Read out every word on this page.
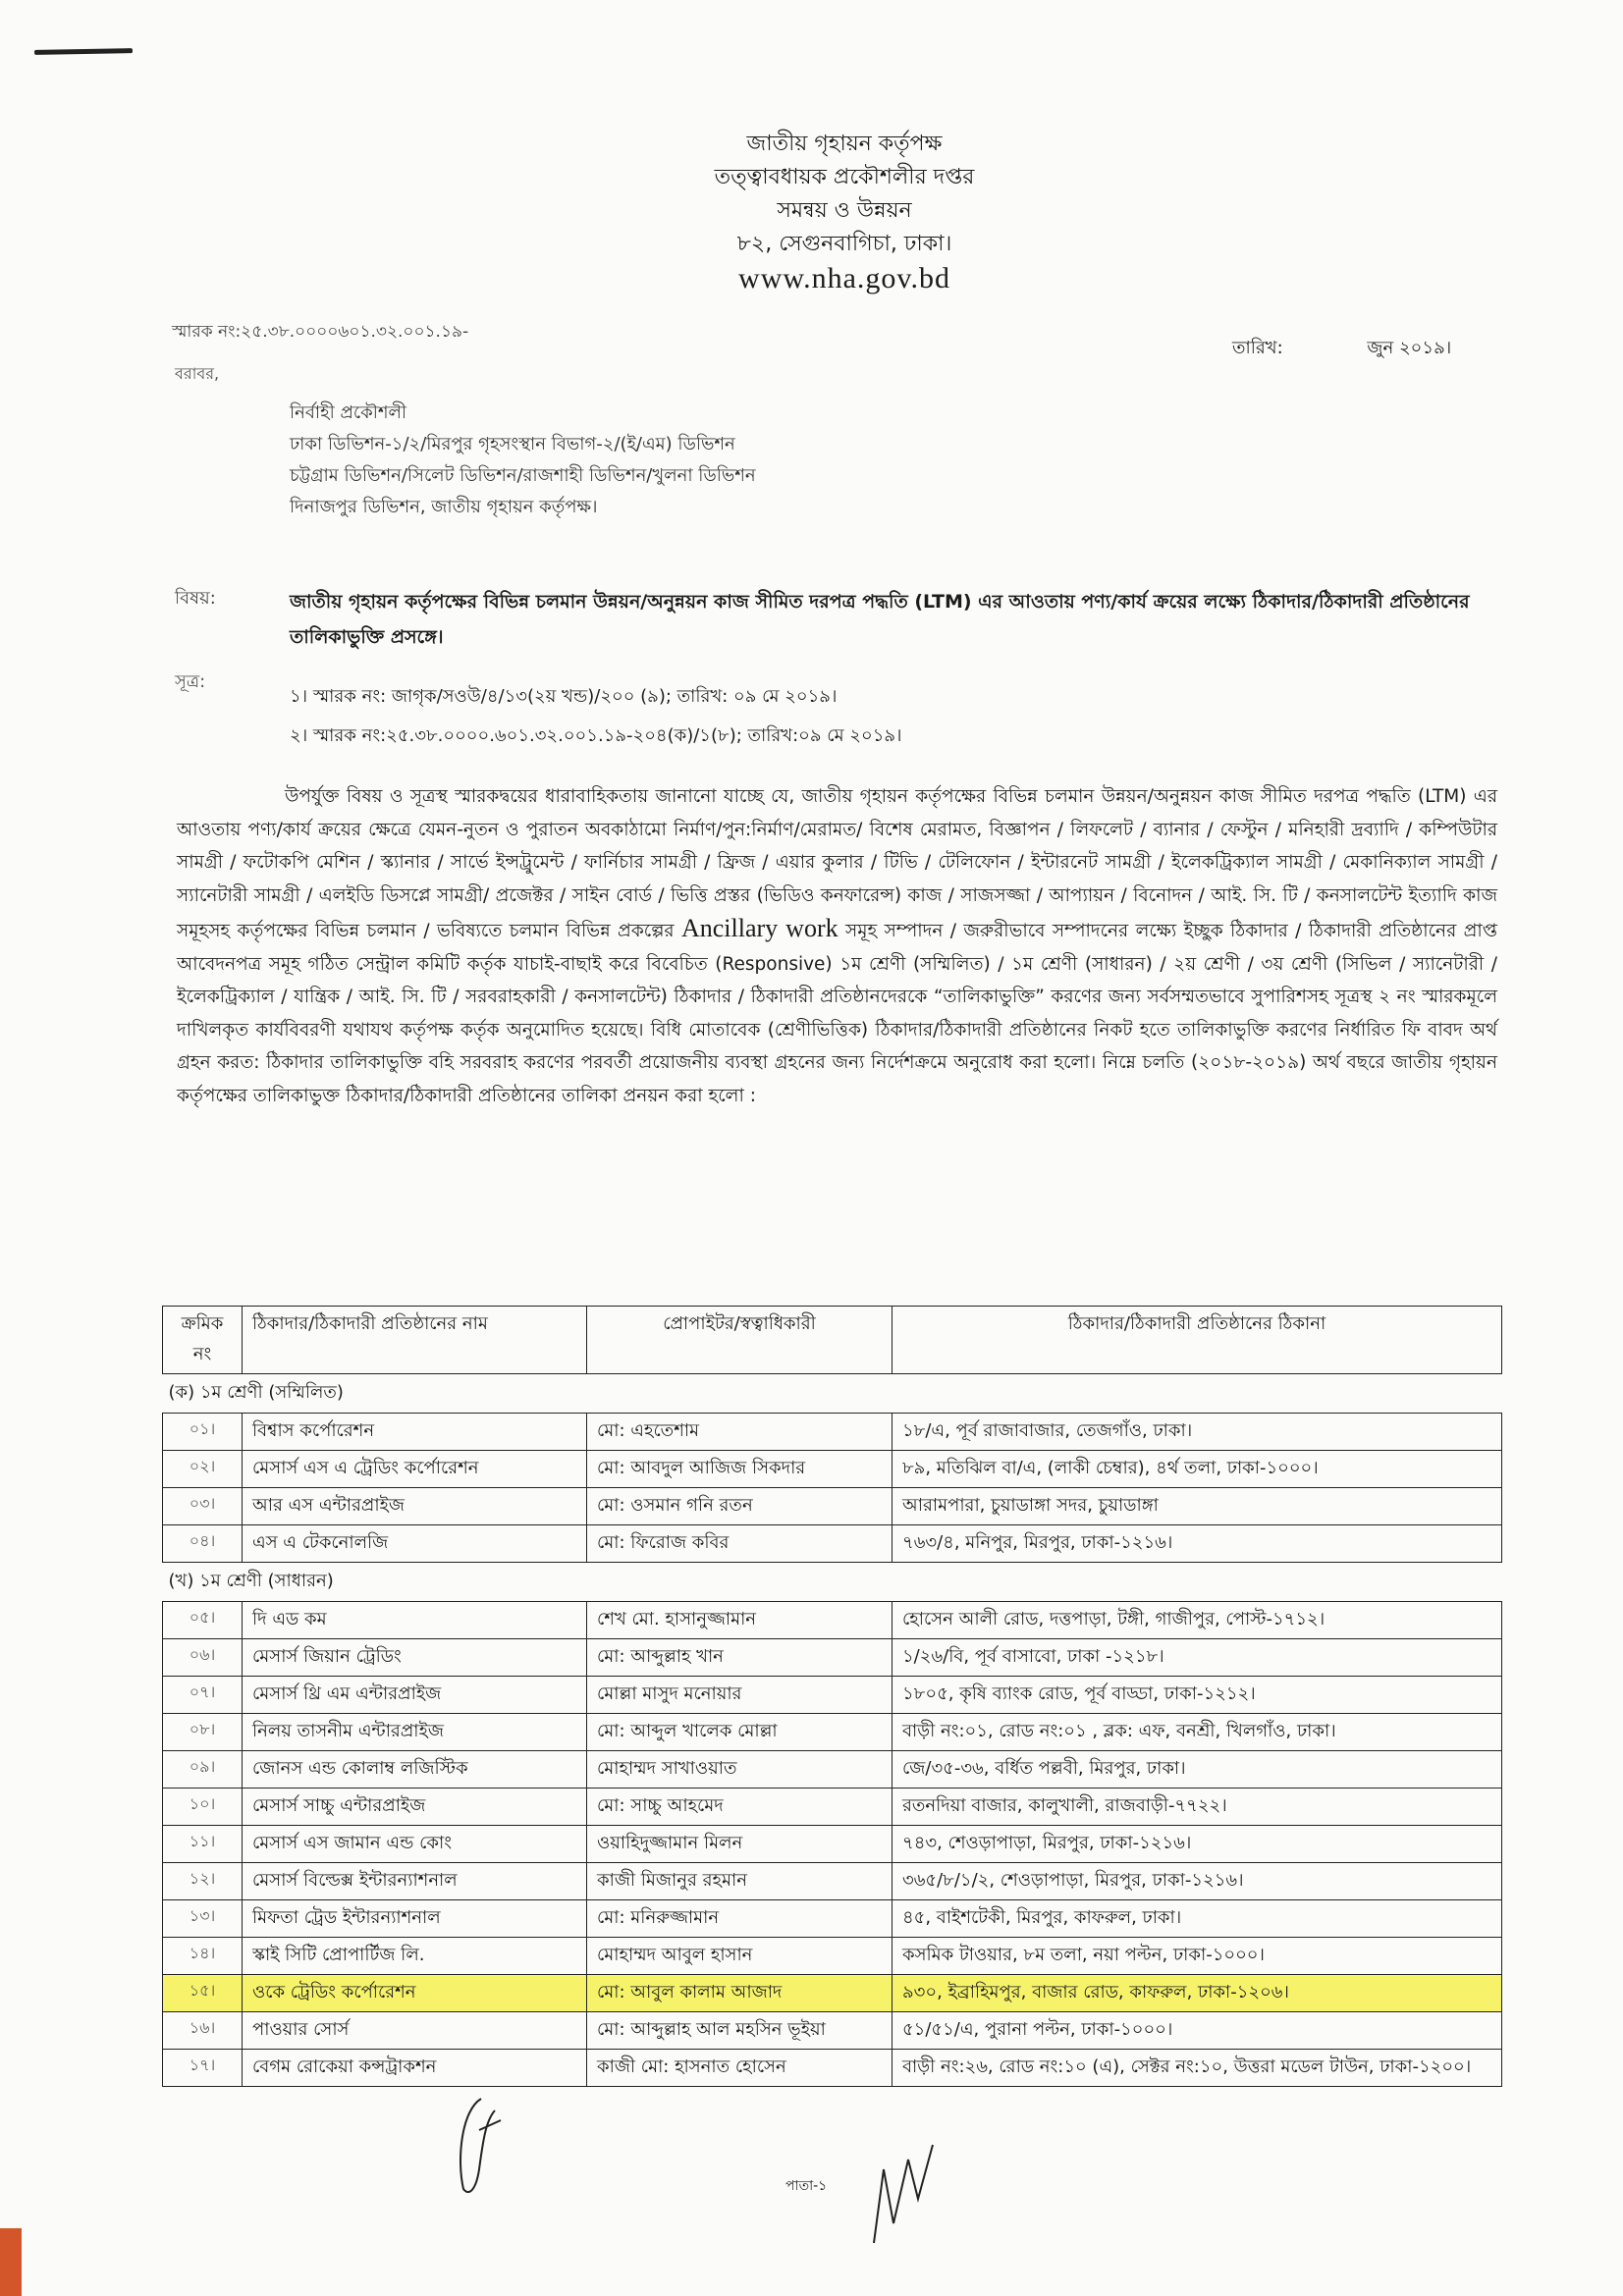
জাতীয় গৃহায়ন কর্তৃপক্ষ
তত্ত্বাবধায়ক প্রকৌশলীর দপ্তর
সমন্বয় ও উন্নয়ন
৮২, সেগুনবাগিচা, ঢাকা।
www.nha.gov.bd
স্মারক নং:২৫.৩৮.০০০০৬০১.৩২.০০১.১৯-
তারিখ:	জুন ২০১৯।
বরাবর,
নির্বাহী প্রকৌশলী
ঢাকা ডিভিশন-১/২/মিরপুর গৃহসংস্থান বিভাগ-২/(ই/এম) ডিভিশন
চট্টগ্রাম ডিভিশন/সিলেট ডিভিশন/রাজশাহী ডিভিশন/খুলনা ডিভিশন
দিনাজপুর ডিভিশন, জাতীয় গৃহায়ন কর্তৃপক্ষ।
বিষয়:	জাতীয় গৃহায়ন কর্তৃপক্ষের বিভিন্ন চলমান উন্নয়ন/অনুন্নয়ন কাজ সীমিত দরপত্র পদ্ধতি (LTM) এর আওতায় পণ্য/কার্য ক্রয়ের লক্ষ্যে ঠিকাদার/ঠিকাদারী প্রতিষ্ঠানের তালিকাভুক্তি প্রসঙ্গে।
সূত্র:
১। স্মারক নং: জাগৃক/সওউ/৪/১৩(২য় খন্ড)/২০০ (৯); তারিখ: ০৯ মে ২০১৯।
২। স্মারক নং:২৫.৩৮.০০০০.৬০১.৩২.০০১.১৯-২০৪(ক)/১(৮); তারিখ:০৯ মে ২০১৯।
উপর্যুক্ত বিষয় ও সূত্রস্থ স্মারকদ্বয়ের ধারাবাহিকতায় জানানো যাচ্ছে যে, জাতীয় গৃহায়ন কর্তৃপক্ষের বিভিন্ন চলমান উন্নয়ন/অনুন্নয়ন কাজ সীমিত দরপত্র পদ্ধতি (LTM) এর আওতায় পণ্য/কার্য ক্রয়ের ক্ষেত্রে যেমন-নুতন ও পুরাতন অবকাঠামো নির্মাণ/পুন:নির্মাণ/মেরামত/ বিশেষ মেরামত, বিজ্ঞাপন / লিফলেট / ব্যানার / ফেস্টুন / মনিহারী দ্রব্যাদি / কম্পিউটার সামগ্রী / ফটোকপি মেশিন / স্ক্যানার / সার্ভে ইন্সট্রুমেন্ট / ফার্নিচার সামগ্রী / ফ্রিজ / এয়ার কুলার / টিভি / টেলিফোন / ইন্টারনেট সামগ্রী / ইলেকট্রিক্যাল সামগ্রী / মেকানিক্যাল সামগ্রী / স্যানেটারী সামগ্রী / এলইডি ডিসপ্লে সামগ্রী/ প্রজেক্টর / সাইন বোর্ড / ভিত্তি প্রস্তর (ভিডিও কনফারেন্স) কাজ / সাজসজ্জা / আপ্যায়ন / বিনোদন / আই. সি. টি / কনসালটেন্ট ইত্যাদি কাজ সমূহসহ কর্তৃপক্ষের বিভিন্ন চলমান / ভবিষ্যতে চলমান বিভিন্ন প্রকল্পের Ancillary work সমূহ সম্পাদন / জরুরীভাবে সম্পাদনের লক্ষ্যে ইচ্ছুক ঠিকাদার / ঠিকাদারী প্রতিষ্ঠানের প্রাপ্ত আবেদনপত্র সমূহ গঠিত সেন্ট্রাল কমিটি কর্তৃক যাচাই-বাছাই করে বিবেচিত (Responsive) ১ম শ্রেণী (সম্মিলিত) / ১ম শ্রেণী (সাধারন) / ২য় শ্রেণী / ৩য় শ্রেণী (সিভিল / স্যানেটারী / ইলেকট্রিক্যাল / যান্ত্রিক / আই. সি. টি / সরবরাহকারী / কনসালটেন্ট) ঠিকাদার / ঠিকাদারী প্রতিষ্ঠানদেরকে “তালিকাভুক্তি” করণের জন্য সর্বসম্মতভাবে সুপারিশসহ সূত্রস্থ ২ নং স্মারকমূলে দাখিলকৃত কার্যবিবরণী যথাযথ কর্তৃপক্ষ কর্তৃক অনুমোদিত হয়েছে। বিধি মোতাবেক (শ্রেণীভিত্তিক) ঠিকাদার/ঠিকাদারী প্রতিষ্ঠানের নিকট হতে তালিকাভুক্তি করণের নির্ধারিত ফি বাবদ অর্থ গ্রহন করত: ঠিকাদার তালিকাভুক্তি বহি সরবরাহ করণের পরবর্তী প্রয়োজনীয় ব্যবস্থা গ্রহনের জন্য নির্দেশক্রমে অনুরোধ করা হলো। নিম্নে চলতি (২০১৮-২০১৯) অর্থ বছরে জাতীয় গৃহায়ন কর্তৃপক্ষের তালিকাভুক্ত ঠিকাদার/ঠিকাদারী প্রতিষ্ঠানের তালিকা প্রনয়ন করা হলো :
ক্রমিক নং	ঠিকাদার/ঠিকাদারী প্রতিষ্ঠানের নাম	প্রোপাইটর/স্বত্বাধিকারী	ঠিকাদার/ঠিকাদারী প্রতিষ্ঠানের ঠিকানা
(ক) ১ম শ্রেণী (সম্মিলিত)			
০১।	বিশ্বাস কর্পোরেশন	মো: এহতেশাম	১৮/এ, পূর্ব রাজাবাজার, তেজগাঁও, ঢাকা।
০২।	মেসার্স এস এ ট্রেডিং কর্পোরেশন	মো: আবদুল আজিজ সিকদার	৮৯, মতিঝিল বা/এ, (লাকী চেম্বার), ৪র্থ তলা, ঢাকা-১০০০।
০৩।	আর এস এন্টারপ্রাইজ	মো: ওসমান গনি রতন	আরামপারা, চুয়াডাঙ্গা সদর, চুয়াডাঙ্গা
০৪।	এস এ টেকনোলজি	মো: ফিরোজ কবির	৭৬৩/৪, মনিপুর, মিরপুর, ঢাকা-১২১৬।
(খ) ১ম শ্রেণী (সাধারন)			
০৫।	দি এড কম	শেখ মো. হাসানুজ্জামান	হোসেন আলী রোড, দত্তপাড়া, টঙ্গী, গাজীপুর, পোস্ট-১৭১২।
০৬।	মেসার্স জিয়ান ট্রেডিং	মো: আব্দুল্লাহ খান	১/২৬/বি, পূর্ব বাসাবো, ঢাকা -১২১৮।
০৭।	মেসার্স থ্রি এম এন্টারপ্রাইজ	মোল্লা মাসুদ মনোয়ার	১৮০৫, কৃষি ব্যাংক রোড, পূর্ব বাড্ডা, ঢাকা-১২১২।
০৮।	নিলয় তাসনীম এন্টারপ্রাইজ	মো: আব্দুল খালেক মোল্লা	বাড়ী নং:০১, রোড নং:০১ , ব্লক: এফ, বনশ্রী, খিলগাঁও, ঢাকা।
০৯।	জোনস এন্ড কোলাম্ব লজিস্টিক	মোহাম্মদ সাখাওয়াত	জে/৩৫-৩৬, বর্ধিত পল্লবী, মিরপুর, ঢাকা।
১০।	মেসার্স সাচ্চু এন্টারপ্রাইজ	মো: সাচ্চু আহমেদ	রতনদিয়া বাজার, কালুখালী, রাজবাড়ী-৭৭২২।
১১।	মেসার্স এস জামান এন্ড কোং	ওয়াহিদুজ্জামান মিলন	৭৪৩, শেওড়াপাড়া, মিরপুর, ঢাকা-১২১৬।
১২।	মেসার্স বিল্ডেক্স ইন্টারন্যাশনাল	কাজী মিজানুর রহমান	৩৬৫/৮/১/২, শেওড়াপাড়া, মিরপুর, ঢাকা-১২১৬।
১৩।	মিফতা ট্রেড ইন্টারন্যাশনাল	মো: মনিরুজ্জামান	৪৫, বাইশটেকী, মিরপুর, কাফরুল, ঢাকা।
১৪।	স্কাই সিটি প্রোপার্টিজ লি.	মোহাম্মদ আবুল হাসান	কসমিক টাওয়ার, ৮ম তলা, নয়া পল্টন, ঢাকা-১০০০।
১৫।	ওকে ট্রেডিং কর্পোরেশন	মো: আবুল কালাম আজাদ	৯৩০, ইব্রাহিমপুর, বাজার রোড, কাফরুল, ঢাকা-১২০৬।
১৬।	পাওয়ার সোর্স	মো: আব্দুল্লাহ আল মহসিন ভূইয়া	৫১/৫১/এ, পুরানা পল্টন, ঢাকা-১০০০।
১৭।	বেগম রোকেয়া কন্সট্রাকশন	কাজী মো: হাসনাত হোসেন	বাড়ী নং:২৬, রোড নং:১০ (এ), সেক্টর নং:১০, উত্তরা মডেল টাউন, ঢাকা-১২০০।
পাতা-১
